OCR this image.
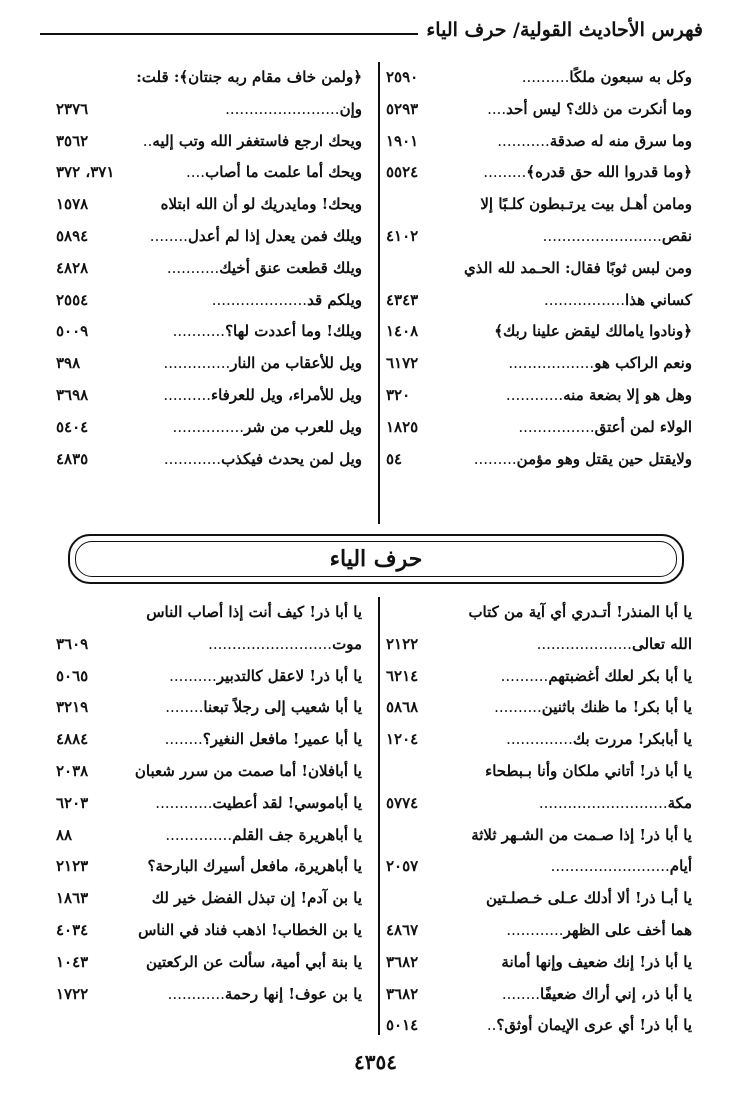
فهرس الأحاديث القولية/ حرف الياء
وكل به سبعون ملكًا..........
٢٥٩٠
وما أنكرت من ذلك؟ ليس أحد....
٥٢٩٣
وما سرق منه له صدقة...........
١٩٠١
﴿وما قدروا الله حق قدره﴾.........
٥٥٢٤
ومامن أهـل بيت يرتـبطون كلـبًا إلا
نقص.........................
٤١٠٢
ومن لبس ثوبًا فقال: الحـمد لله الذي
كساني هذا.................
٤٣٤٣
﴿ونادوا يامالك ليقض علينا ربك﴾
١٤٠٨
ونعم الراكب هو..................
٦١٧٢
وهل هو إلا بضعة منه............
٣٢٠
الولاء لمن أعتق................
١٨٢٥
ولايقتل حين يقتل وهو مؤمن.........
٥٤
﴿ولمن خاف مقام ربه جنتان﴾: قلت:
وإن........................
٢٣٧٦
ويحك ارجع فاستغفر الله وتب إليه..
٣٥٦٢
ويحك أما علمت ما أصاب....
٣٧١، ٣٧٢
ويحك! ومايدريك لو أن الله ابتلاه
١٥٧٨
ويلك فمن يعدل إذا لم أعدل........
٥٨٩٤
ويلك قطعت عنق أخيك...........
٤٨٢٨
ويلكم قد....................
٢٥٥٤
ويلك! وما أعددت لها؟...........
٥٠٠٩
ويل للأعقاب من النار..............
٣٩٨
ويل للأمراء، ويل للعرفاء..........
٣٦٩٨
ويل للعرب من شر...............
٥٤٠٤
ويل لمن يحدث فيكذب............
٤٨٣٥
حرف الياء
يا أبا المنذر! أتـدري أي آية من كتاب
الله تعالى....................
٢١٢٢
يا أبا بكر لعلك أغضبتهم..........
٦٢١٤
يا أبا بكر! ما ظنك باثنين..........
٥٨٦٨
يا أبابكر! مررت بك..............
١٢٠٤
يا أبا ذر! أتاني ملكان وأنا بـبطحاء
مكة...........................
٥٧٧٤
يا أبا ذر! إذا صـمت من الشـهر ثلاثة
أيام.........................
٢٠٥٧
يا أبـا ذر! ألا أدلك عـلى خـصلـتين
هما أخف على الظهر............
٤٨٦٧
يا أبا ذر! إنك ضعيف وإنها أمانة
٣٦٨٢
يا أبا ذر، إني أراك ضعيفًا........
٣٦٨٢
يا أبا ذر! أي عرى الإيمان أوثق؟..
٥٠١٤
يا أبا ذر! كيف أنت إذا أصاب الناس
موت..........................
٣٦٠٩
يا أبا ذر! لاعقل كالتدبير..........
٥٠٦٥
يا أبا شعيب إلى رجلاً تبعنا........
٣٢١٩
يا أبا عمير! مافعل النغير؟........
٤٨٨٤
يا أبافلان! أما صمت من سرر شعبان
٢٠٣٨
يا أباموسي! لقد أعطيت............
٦٢٠٣
يا أباهريرة جف القلم..............
٨٨
يا أباهريرة، مافعل أسيرك البارحة؟
٢١٢٣
يا بن آدم! إن تبذل الفضل خير لك
١٨٦٣
يا بن الخطاب! اذهب فناد في الناس
٤٠٣٤
يا بنة أبي أمية، سألت عن الركعتين
١٠٤٣
يا بن عوف! إنها رحمة............
١٧٢٢
٤٣٥٤
